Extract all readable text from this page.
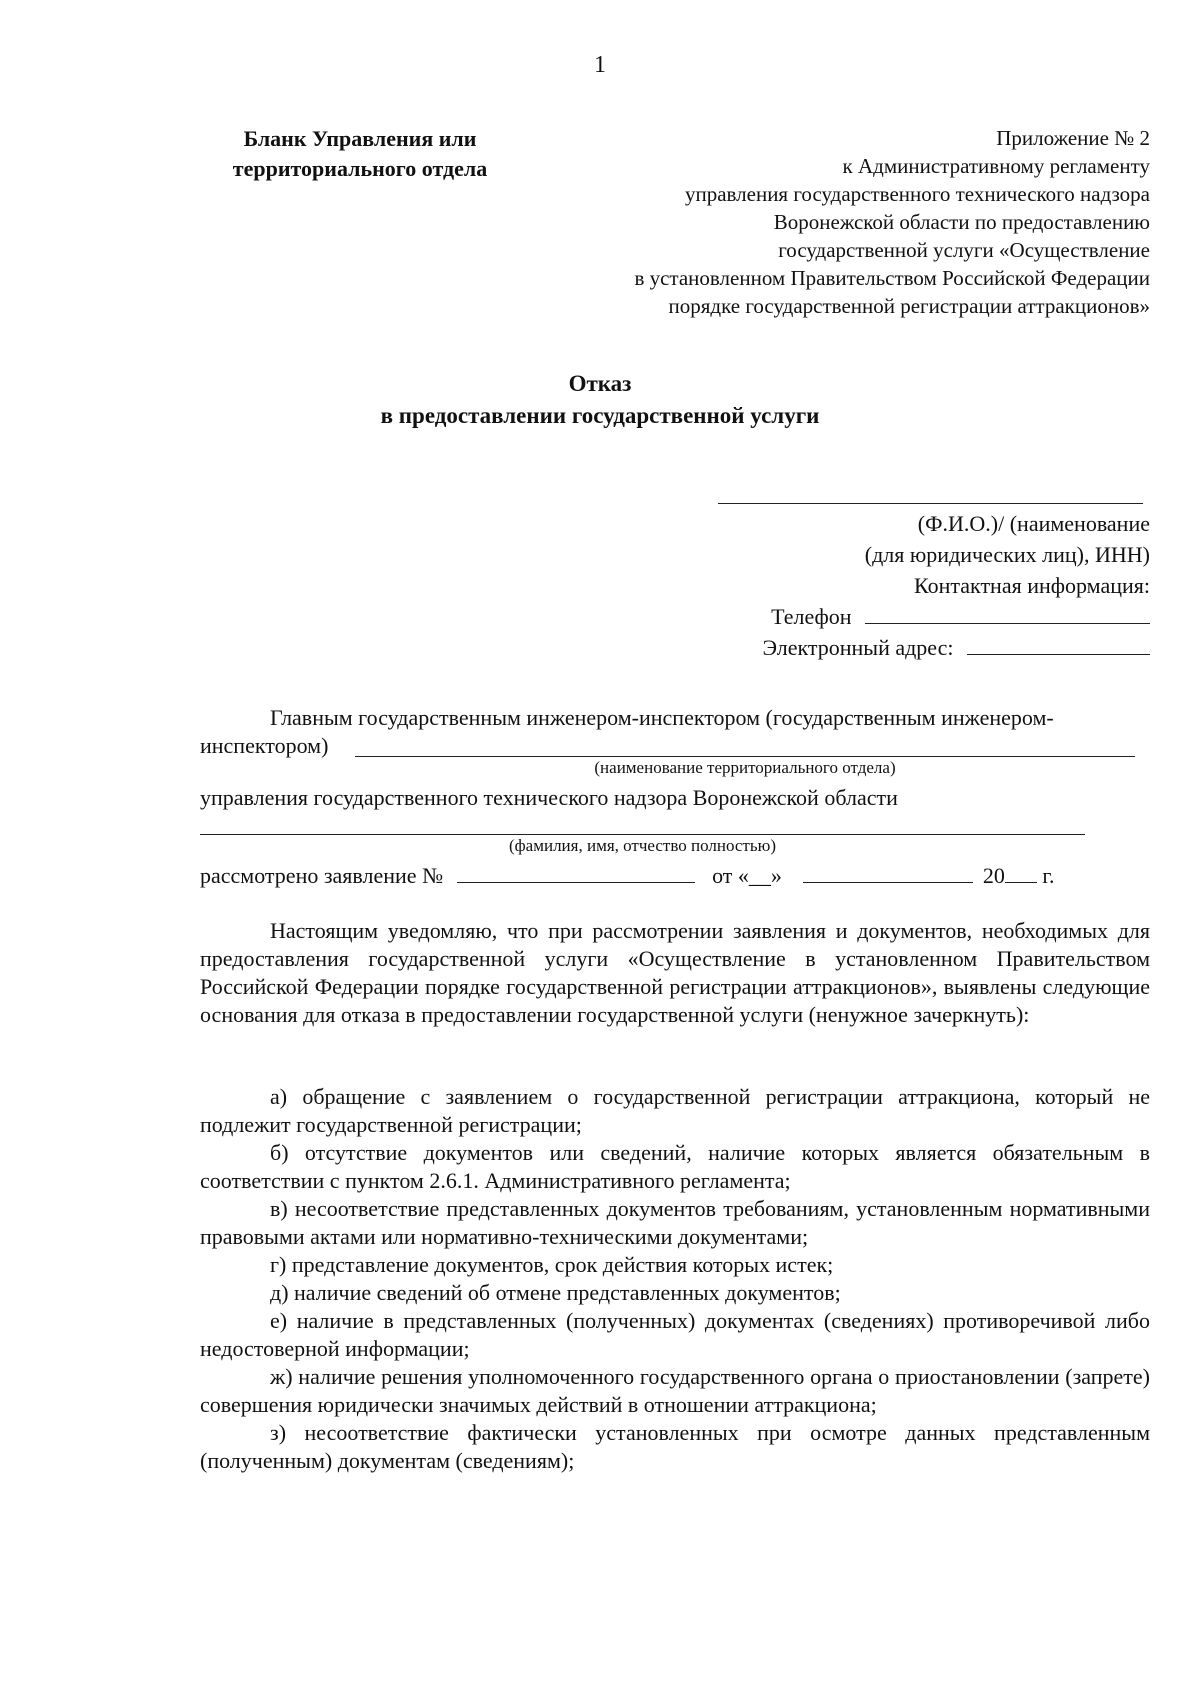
1
Бланк Управления или
территориального отдела
Приложение № 2
к Административному регламенту
управления государственного технического надзора
Воронежской области по предоставлению
государственной услуги «Осуществление
в установленном Правительством Российской Федерации
порядке государственной регистрации аттракционов»
Отказ
в предоставлении государственной услуги
(Ф.И.О.)/ (наименование
(для юридических лиц), ИНН)
Контактная информация:
Телефон
Электронный адрес:
Главным государственным инженером-инспектором (государственным инженером-
инспектором)
(наименование территориального отдела)
управления государственного технического надзора Воронежской области
(фамилия, имя, отчество полностью)
рассмотрено заявление №	от «__»	20 г.
Настоящим уведомляю, что при рассмотрении заявления и документов, необходимых для предоставления государственной услуги «Осуществление в установленном Правительством Российской Федерации порядке государственной регистрации аттракционов», выявлены следующие основания для отказа в предоставлении государственной услуги (ненужное зачеркнуть):
а) обращение с заявлением о государственной регистрации аттракциона, который не подлежит государственной регистрации;
б) отсутствие документов или сведений, наличие которых является обязательным в соответствии с пунктом 2.6.1. Административного регламента;
в) несоответствие представленных документов требованиям, установленным нормативными правовыми актами или нормативно-техническими документами;
г) представление документов, срок действия которых истек;
д) наличие сведений об отмене представленных документов;
е) наличие в представленных (полученных) документах (сведениях) противоречивой либо недостоверной информации;
ж) наличие решения уполномоченного государственного органа о приостановлении (запрете) совершения юридически значимых действий в отношении аттракциона;
з) несоответствие фактически установленных при осмотре данных представленным (полученным) документам (сведениям);
